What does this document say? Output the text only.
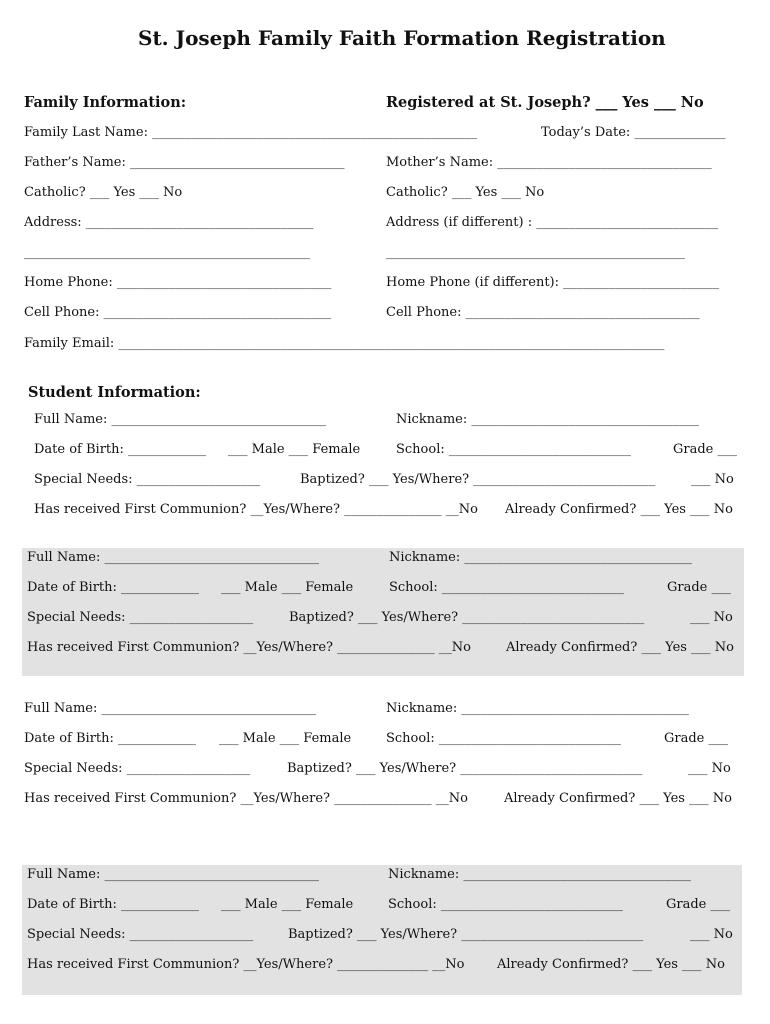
St. Joseph Family Faith Formation Registration
Family Information:	Registered at St. Joseph? ___ Yes ___ No
Family Last Name: __________________________________________________	Today’s Date: ______________
Father’s Name: _________________________________	Mother’s Name: _________________________________
Catholic? ___ Yes ___ No	Catholic? ___ Yes ___ No
Address: ___________________________________	Address (if different) : ____________________________
____________________________________________	______________________________________________
Home Phone: _________________________________	Home Phone (if different): ________________________
Cell Phone: ___________________________________	Cell Phone: ____________________________________
Family Email: ____________________________________________________________________________________
Student Information:
Full Name: _________________________________	Nickname: ___________________________________
Date of Birth: ____________ ___ Male ___ Female	School: ____________________________	Grade ___
Special Needs: ___________________	Baptized? ___ Yes/Where? ____________________________	___ No
Has received First Communion? __Yes/Where? _______________ __No Already Confirmed? ___ Yes ___ No
Full Name: _________________________________	Nickname: ___________________________________
Date of Birth: ____________ ___ Male ___ Female	School: ____________________________	Grade ___
Special Needs: ___________________	Baptized? ___ Yes/Where? ____________________________	___ No
Has received First Communion? __Yes/Where? _______________ __No	Already Confirmed? ___ Yes ___ No
Full Name: _________________________________	Nickname: ___________________________________
Date of Birth: ____________ ___ Male ___ Female	School: ____________________________	Grade ___
Special Needs: ___________________	Baptized? ___ Yes/Where? ____________________________	___ No
Has received First Communion? __Yes/Where? _______________ __No	Already Confirmed? ___ Yes ___ No
Full Name: _________________________________	Nickname: ___________________________________
Date of Birth: ____________ ___ Male ___ Female	School: ____________________________	Grade ___
Special Needs: ___________________	Baptized? ___ Yes/Where? ____________________________	___ No
Has received First Communion? __Yes/Where? ______________ __No	Already Confirmed? ___ Yes ___ No
